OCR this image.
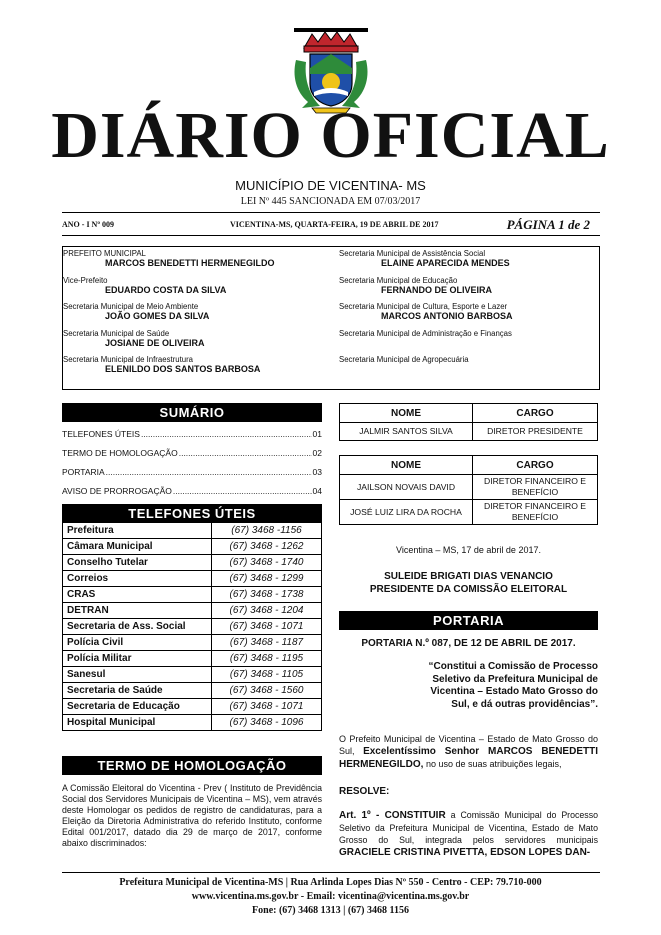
DIÁRIO OFICIAL
MUNICÍPIO DE VICENTINA- MS
LEI Nº 445 SANCIONADA EM 07/03/2017
ANO - I Nº 009	VICENTINA-MS, QUARTA-FEIRA, 19 DE ABRIL DE 2017	PÁGINA 1 de 2
PREFEITO MUNICIPAL
MARCOS BENEDETTI HERMENEGILDO
Vice-Prefeito
EDUARDO COSTA DA SILVA
Secretaria Municipal de Meio Ambiente
JOÃO GOMES DA SILVA
Secretaria Municipal de Saúde
JOSIANE DE OLIVEIRA
Secretaria Municipal de Infraestrutura
ELENILDO DOS SANTOS BARBOSA
Secretaria Municipal de Assistência Social
ELAINE APARECIDA MENDES
Secretaria Municipal de Educação
FERNANDO DE OLIVEIRA
Secretaria Municipal de Cultura, Esporte e Lazer
MARCOS ANTONIO BARBOSA
Secretaria Municipal de Administração e Finanças
Secretaria Municipal de Agropecuária
SUMÁRIO
TELEFONES ÚTEIS .....	01
TERMO DE HOMOLOGAÇÃO .....	02
PORTARIA .....	03
AVISO DE PRORROGAÇÃO .....	04
TELEFONES ÚTEIS
Prefeitura	(67) 3468 -1156
Câmara Municipal	(67) 3468 - 1262
Conselho Tutelar	(67) 3468 - 1740
Correios	(67) 3468 - 1299
CRAS	(67) 3468 - 1738
DETRAN	(67) 3468 - 1204
Secretaria de Ass. Social	(67) 3468 - 1071
Polícia Civil	(67) 3468 - 1187
Polícia Militar	(67) 3468 - 1195
Sanesul	(67) 3468 - 1105
Secretaria de Saúde	(67) 3468 - 1560
Secretaria de Educação	(67) 3468 - 1071
Hospital Municipal	(67) 3468 - 1096
TERMO DE HOMOLOGAÇÃO
A Comissão Eleitoral do Vicentina - Prev ( Instituto de Previdência Social dos Servidores Municipais de Vicentina – MS), vem através deste Homologar os pedidos de registro de candidaturas, para a Eleição da Diretoria Administrativa do referido Instituto, conforme Edital 001/2017, datado dia 29 de março de 2017, conforme abaixo discriminados:
NOME	CARGO
JALMIR SANTOS SILVA	DIRETOR PRESIDENTE
NOME	CARGO
JAILSON NOVAIS DAVID	DIRETOR FINANCEIRO E BENEFÍCIO
JOSÉ LUIZ LIRA DA ROCHA	DIRETOR FINANCEIRO E BENEFÍCIO
Vicentina – MS, 17 de abril de 2017.
SULEIDE BRIGATI DIAS VENANCIO
PRESIDENTE DA COMISSÃO ELEITORAL
PORTARIA
PORTARIA N.º 087, DE 12 DE ABRIL DE 2017.
“Constitui a Comissão de Processo Seletivo da Prefeitura Municipal de Vicentina – Estado Mato Grosso do Sul, e dá outras providências”.
O Prefeito Municipal de Vicentina – Estado de Mato Grosso do Sul, Excelentíssimo Senhor MARCOS BENEDETTI HERMENEGILDO, no uso de suas atribuições legais,
RESOLVE:
Art. 1º - CONSTITUIR a Comissão Municipal do Processo Seletivo da Prefeitura Municipal de Vicentina, Estado de Mato Grosso do Sul, integrada pelos servidores municipais GRACIELE CRISTINA PIVETTA, EDSON LOPES DAN-
Prefeitura Municipal de Vicentina-MS | Rua Arlinda Lopes Dias Nº 550 - Centro - CEP: 79.710-000
www.vicentina.ms.gov.br - Email: vicentina@vicentina.ms.gov.br
Fone: (67) 3468 1313 | (67) 3468 1156
